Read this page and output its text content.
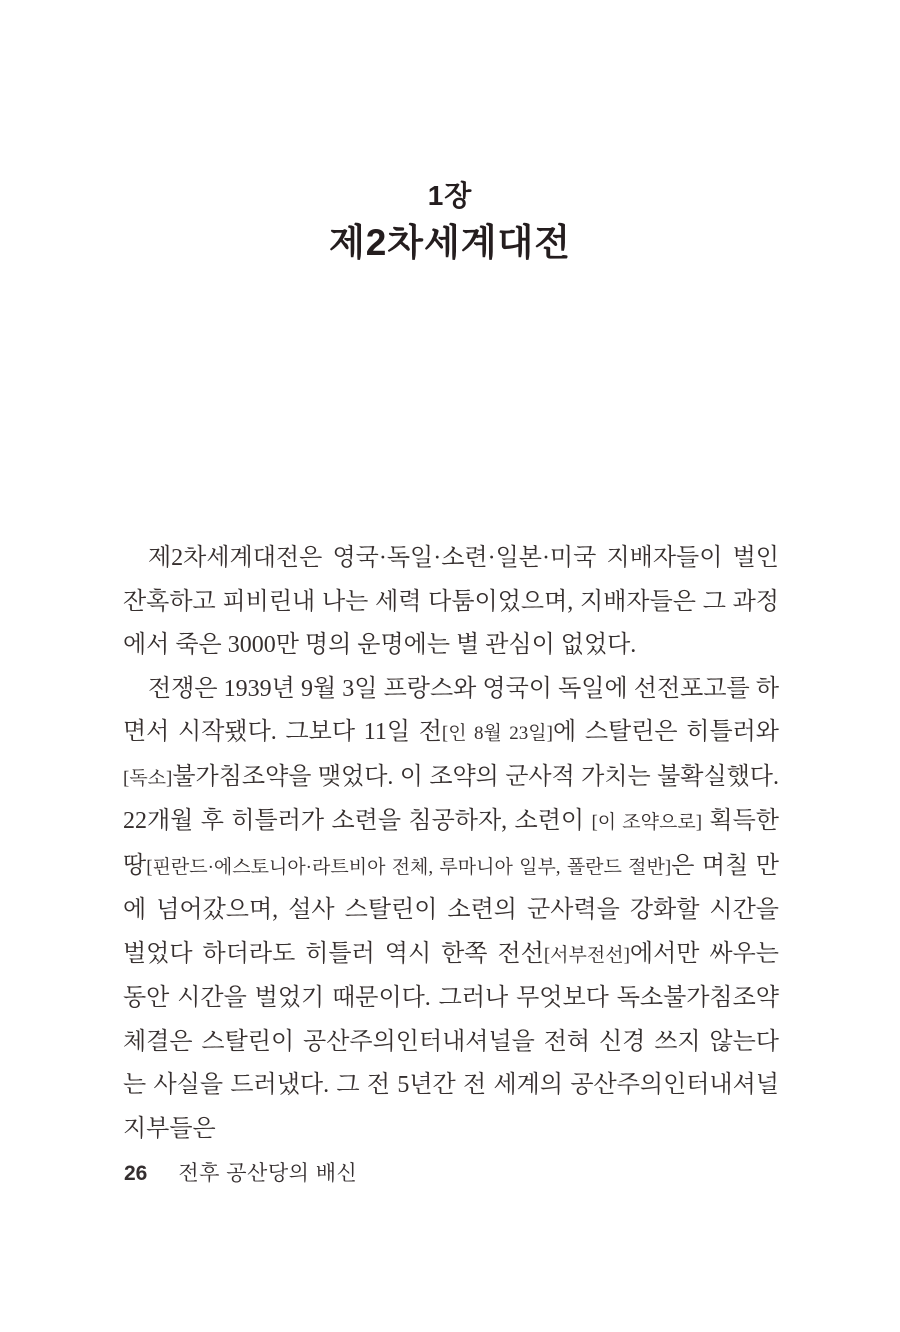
1장
제2차세계대전

제2차세계대전은 영국·독일·소련·일본·미국 지배자들이 벌인 잔혹하고 피비린내 나는 세력 다툼이었으며, 지배자들은 그 과정에서 죽은 3000만 명의 운명에는 별 관심이 없었다.

전쟁은 1939년 9월 3일 프랑스와 영국이 독일에 선전포고를 하면서 시작됐다. 그보다 11일 전[인 8월 23일]에 스탈린은 히틀러와 [독소]불가침조약을 맺었다. 이 조약의 군사적 가치는 불확실했다. 22개월 후 히틀러가 소련을 침공하자, 소련이 [이 조약으로] 획득한 땅[핀란드·에스토니아·라트비아 전체, 루마니아 일부, 폴란드 절반]은 며칠 만에 넘어갔으며, 설사 스탈린이 소련의 군사력을 강화할 시간을 벌었다 하더라도 히틀러 역시 한쪽 전선[서부전선]에서만 싸우는 동안 시간을 벌었기 때문이다. 그러나 무엇보다 독소불가침조약 체결은 스탈린이 공산주의인터내셔널을 전혀 신경 쓰지 않는다는 사실을 드러냈다. 그 전 5년간 전 세계의 공산주의인터내셔널 지부들은

26 전후 공산당의 배신
